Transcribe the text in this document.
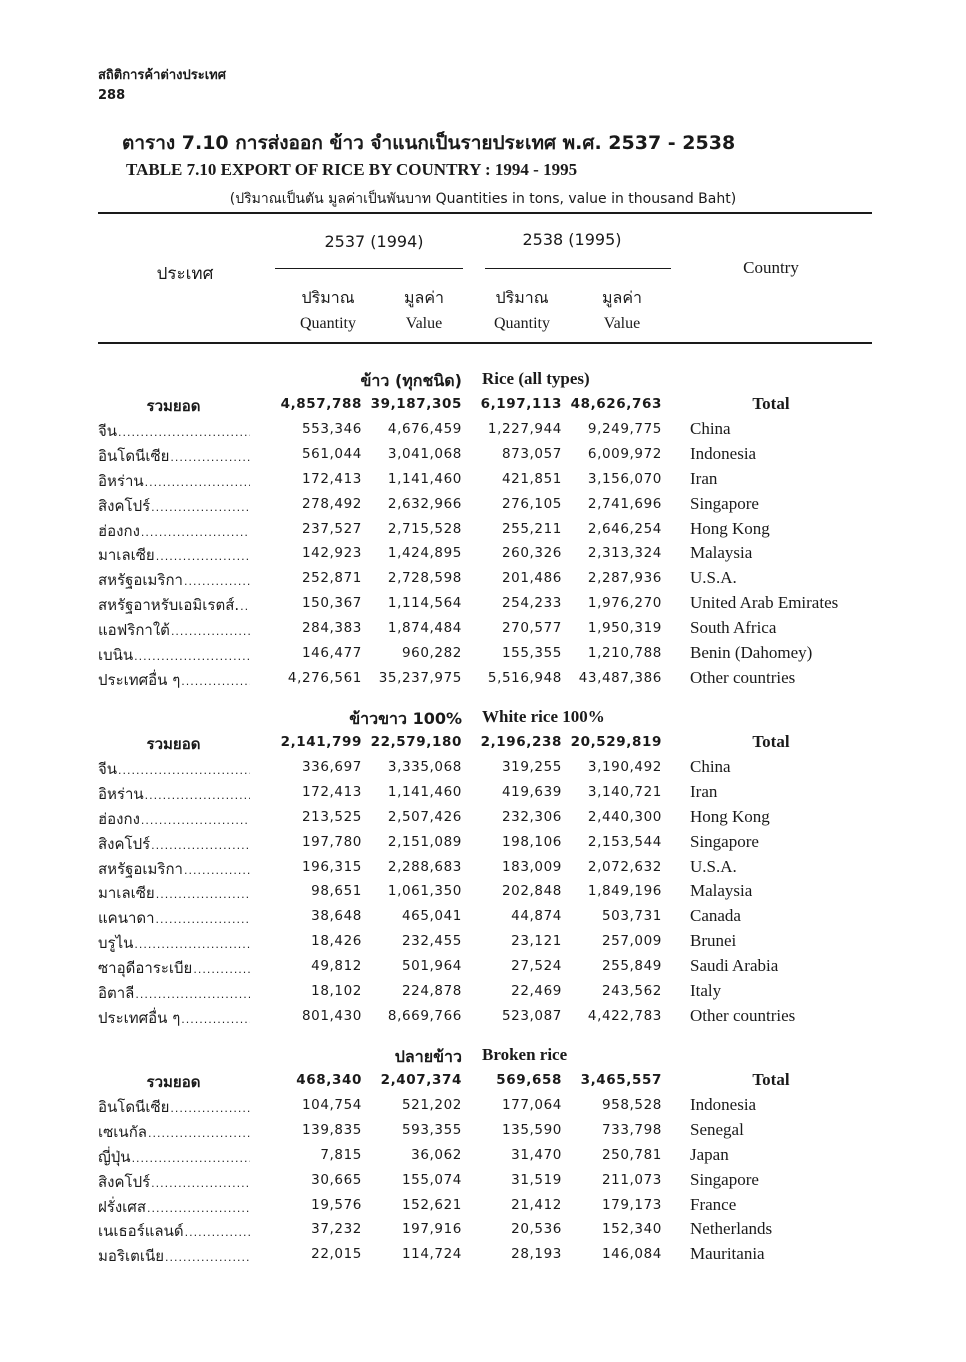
สถิติการค้าต่างประเทศ
288
ตาราง 7.10 การส่งออก ข้าว จำแนกเป็นรายประเทศ พ.ศ. 2537 - 2538
TABLE 7.10 EXPORT OF RICE BY COUNTRY : 1994 - 1995
(ปริมาณเป็นตัน มูลค่าเป็นพันบาท Quantities in tons, value in thousand Baht)
2537 (1994)	2538 (1995)
ประเทศ	Country
ปริมาณ	มูลค่า	ปริมาณ	มูลค่า
Quantity	Value	Quantity	Value
ข้าว (ทุกชนิด) Rice (all types)
รวมยอด	4,857,788 39,187,305	6,197,113 48,626,763	Total
จีน .....	553,346	4,676,459	1,227,944	9,249,775 China
อินโดนีเซีย .....	561,044	3,041,068	873,057	6,009,972 Indonesia
อิหร่าน .....	172,413	1,141,460	421,851	3,156,070 Iran
สิงคโปร์ .....	278,492	2,632,966	276,105	2,741,696 Singapore
ฮ่องกง .....	237,527	2,715,528	255,211	2,646,254 Hong Kong
มาเลเซีย .....	142,923	1,424,895	260,326	2,313,324 Malaysia
สหรัฐอเมริกา .....	252,871	2,728,598	201,486	2,287,936 U.S.A.
สหรัฐอาหรับเอมิเรตส์. .....	150,367	1,114,564	254,233	1,976,270 United Arab Emirates
แอฟริกาใต้ .....	284,383	1,874,484	270,577	1,950,319 South Africa
เบนิน .....	146,477	960,282	155,355	1,210,788 Benin (Dahomey)
ประเทศอื่น ๆ .....	4,276,561	35,237,975	5,516,948	43,487,386 Other countries
ข้าวขาว 100% White rice 100%
รวมยอด	2,141,799 22,579,180	2,196,238 20,529,819	Total
จีน .....	336,697	3,335,068	319,255	3,190,492 China
อิหร่าน .....	172,413	1,141,460	419,639	3,140,721 Iran
ฮ่องกง .....	213,525	2,507,426	232,306	2,440,300 Hong Kong
สิงคโปร์ .....	197,780	2,151,089	198,106	2,153,544 Singapore
สหรัฐอเมริกา .....	196,315	2,288,683	183,009	2,072,632 U.S.A.
มาเลเซีย .....	98,651	1,061,350	202,848	1,849,196 Malaysia
แคนาดา .....	38,648	465,041	44,874	503,731 Canada
บรูไน .....	18,426	232,455	23,121	257,009 Brunei
ซาอุดีอาระเบีย .....	49,812	501,964	27,524	255,849 Saudi Arabia
อิตาลี .....	18,102	224,878	22,469	243,562 Italy
ประเทศอื่น ๆ .....	801,430	8,669,766	523,087	4,422,783 Other countries
ปลายข้าว Broken rice
รวมยอด	468,340	2,407,374	569,658	3,465,557	Total
อินโดนีเซีย .....	104,754	521,202	177,064	958,528 Indonesia
เซเนกัล .....	139,835	593,355	135,590	733,798 Senegal
ญี่ปุ่น .....	7,815	36,062	31,470	250,781 Japan
สิงคโปร์ .....	30,665	155,074	31,519	211,073 Singapore
ฝรั่งเศส .....	19,576	152,621	21,412	179,173 France
เนเธอร์แลนด์ .....	37,232	197,916	20,536	152,340 Netherlands
มอริเตเนีย .....	22,015	114,724	28,193	146,084 Mauritania
